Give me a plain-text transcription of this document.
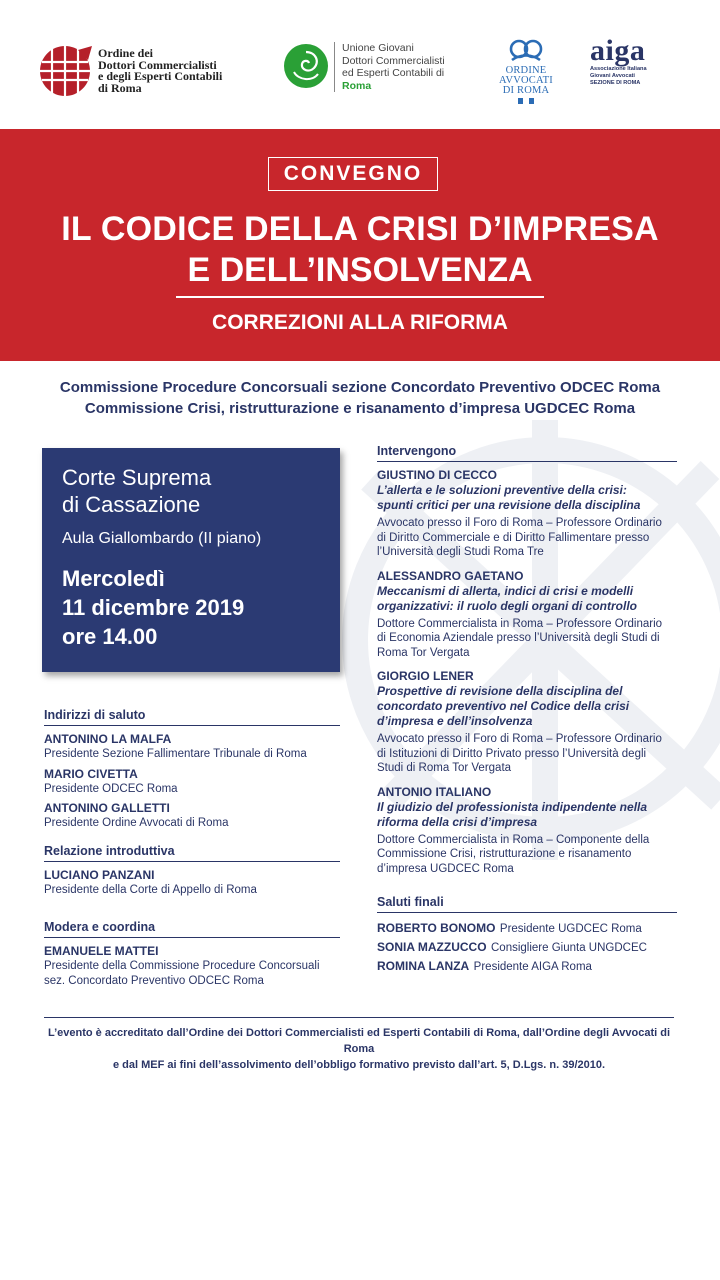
Ordine dei
Dottori Commercialisti
e degli Esperti Contabili
di Roma
Unione Giovani
Dottori Commercialisti
ed Esperti Contabili di
Roma
ORDINE
AVVOCATI
DI ROMA
aiga
Associazione Italiana
Giovani Avvocati
SEZIONE DI ROMA
CONVEGNO
IL CODICE DELLA CRISI D’IMPRESA
E DELL’INSOLVENZA
CORREZIONI ALLA RIFORMA
Commissione Procedure Concorsuali sezione Concordato Preventivo ODCEC Roma
Commissione Crisi, ristrutturazione e risanamento d’impresa UGDCEC Roma
Corte Suprema
di Cassazione
Aula Giallombardo (II piano)
Mercoledì
11 dicembre 2019
ore 14.00
Indirizzi di saluto
ANTONINO LA MALFA
Presidente Sezione Fallimentare Tribunale di Roma
MARIO CIVETTA
Presidente ODCEC Roma
ANTONINO GALLETTI
Presidente Ordine Avvocati di Roma
Relazione introduttiva
LUCIANO PANZANI
Presidente della Corte di Appello di Roma
Modera e coordina
EMANUELE MATTEI
Presidente della Commissione Procedure Concorsuali
sez. Concordato Preventivo ODCEC Roma
Intervengono
GIUSTINO DI CECCO
L’allerta e le soluzioni preventive della crisi:
spunti critici per una revisione della disciplina
Avvocato presso il Foro di Roma – Professore Ordinario
di Diritto Commerciale e di Diritto Fallimentare presso
l’Università degli Studi Roma Tre
ALESSANDRO GAETANO
Meccanismi di allerta, indici di crisi e modelli
organizzativi: il ruolo degli organi di controllo
Dottore Commercialista in Roma – Professore Ordinario
di Economia Aziendale presso l’Università degli Studi di
Roma Tor Vergata
GIORGIO LENER
Prospettive di revisione della disciplina del
concordato preventivo nel Codice della crisi
d’impresa e dell’insolvenza
Avvocato presso il Foro di Roma – Professore Ordinario
di Istituzioni di Diritto Privato presso l’Università degli
Studi di Roma Tor Vergata
ANTONIO ITALIANO
Il giudizio del professionista indipendente nella
riforma della crisi d’impresa
Dottore Commercialista in Roma – Componente della
Commissione Crisi, ristrutturazione e risanamento
d’impresa UGDCEC Roma
Saluti finali
ROBERTO BONOMO Presidente UGDCEC Roma
SONIA MAZZUCCO Consigliere Giunta UNGDCEC
ROMINA LANZA Presidente AIGA Roma
L’evento è accreditato dall’Ordine dei Dottori Commercialisti ed Esperti Contabili di Roma, dall’Ordine degli Avvocati di Roma
e dal MEF ai fini dell’assolvimento dell’obbligo formativo previsto dall’art. 5, D.Lgs. n. 39/2010.
